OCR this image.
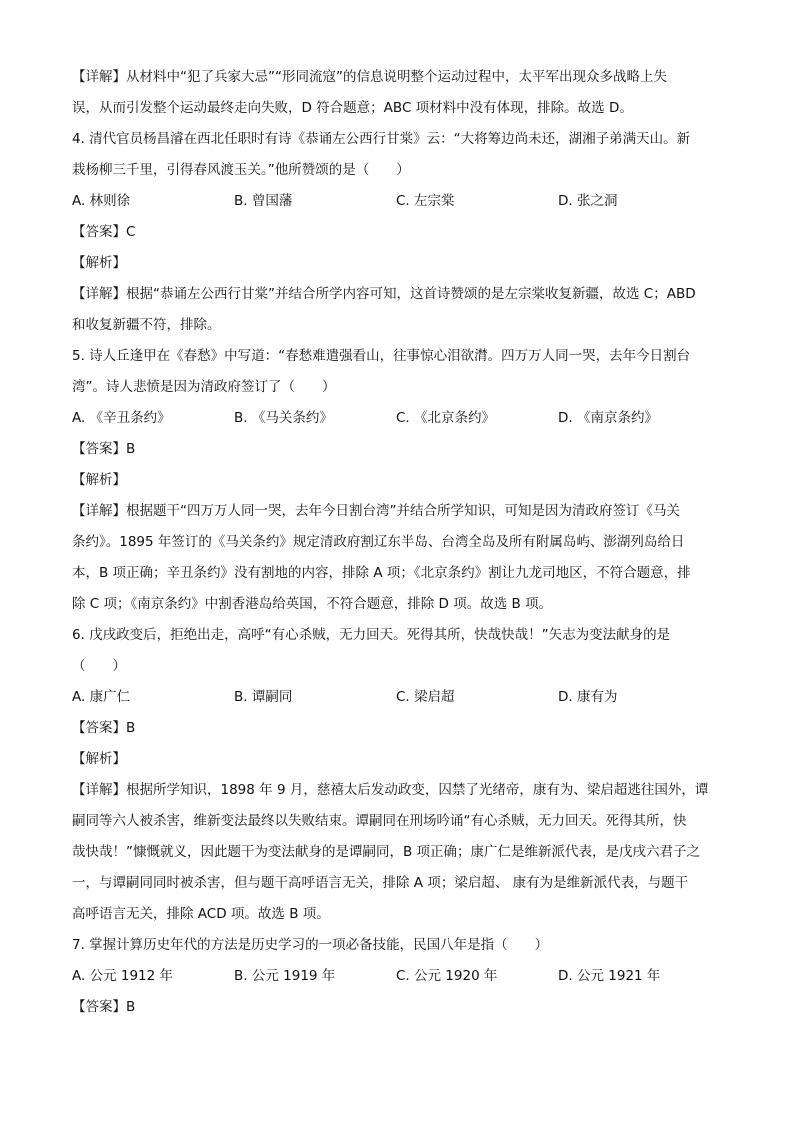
【详解】从材料中“犯了兵家大忌”“形同流寇”的信息说明整个运动过程中，太平军出现众多战略上失
误，从而引发整个运动最终走向失败，D 符合题意；ABC 项材料中没有体现，排除。故选 D。
4. 清代官员杨昌濬在西北任职时有诗《恭诵左公西行甘棠》云：“大将筹边尚未还，湖湘子弟满天山。新
栽杨柳三千里，引得春风渡玉关。”他所赞颂的是（　　）
A. 林则徐	B. 曾国藩	C. 左宗棠	D. 张之洞
【答案】C
【解析】
【详解】根据“恭诵左公西行甘棠”并结合所学内容可知，这首诗赞颂的是左宗棠收复新疆，故选 C；ABD
和收复新疆不符，排除。
5. 诗人丘逢甲在《春愁》中写道：“春愁难遣强看山，往事惊心泪欲潸。四万万人同一哭，去年今日割台
湾”。诗人悲愤是因为清政府签订了（　　）
A. 《辛丑条约》	B. 《马关条约》	C. 《北京条约》	D. 《南京条约》
【答案】B
【解析】
【详解】根据题干“四万万人同一哭，去年今日割台湾”并结合所学知识，可知是因为清政府签订《马关
条约》。1895 年签订的《马关条约》规定清政府割辽东半岛、台湾全岛及所有附属岛屿、澎湖列岛给日
本，B 项正确；辛丑条约》没有割地的内容，排除 A 项；《北京条约》割让九龙司地区，不符合题意，排
除 C 项；《南京条约》中割香港岛给英国，不符合题意，排除 D 项。故选 B 项。
6. 戊戌政变后，拒绝出走，高呼“有心杀贼，无力回天。死得其所，快哉快哉！”矢志为变法献身的是
（　　）
A. 康广仁	B. 谭嗣同	C. 梁启超	D. 康有为
【答案】B
【解析】
【详解】根据所学知识，1898 年 9 月，慈禧太后发动政变，囚禁了光绪帝，康有为、梁启超逃往国外，谭
嗣同等六人被杀害，维新变法最终以失败结束。谭嗣同在刑场吟诵“有心杀贼，无力回天。死得其所，快
哉快哉！”慷慨就义，因此题干为变法献身的是谭嗣同，B 项正确；康广仁是维新派代表，是戊戌六君子之
一，与谭嗣同同时被杀害，但与题干高呼语言无关，排除 A 项；梁启超、 康有为是维新派代表，与题干
高呼语言无关，排除 ACD 项。故选 B 项。
7. 掌握计算历史年代的方法是历史学习的一项必备技能，民国八年是指（　　）
A. 公元 1912 年	B. 公元 1919 年	C. 公元 1920 年	D. 公元 1921 年
【答案】B
